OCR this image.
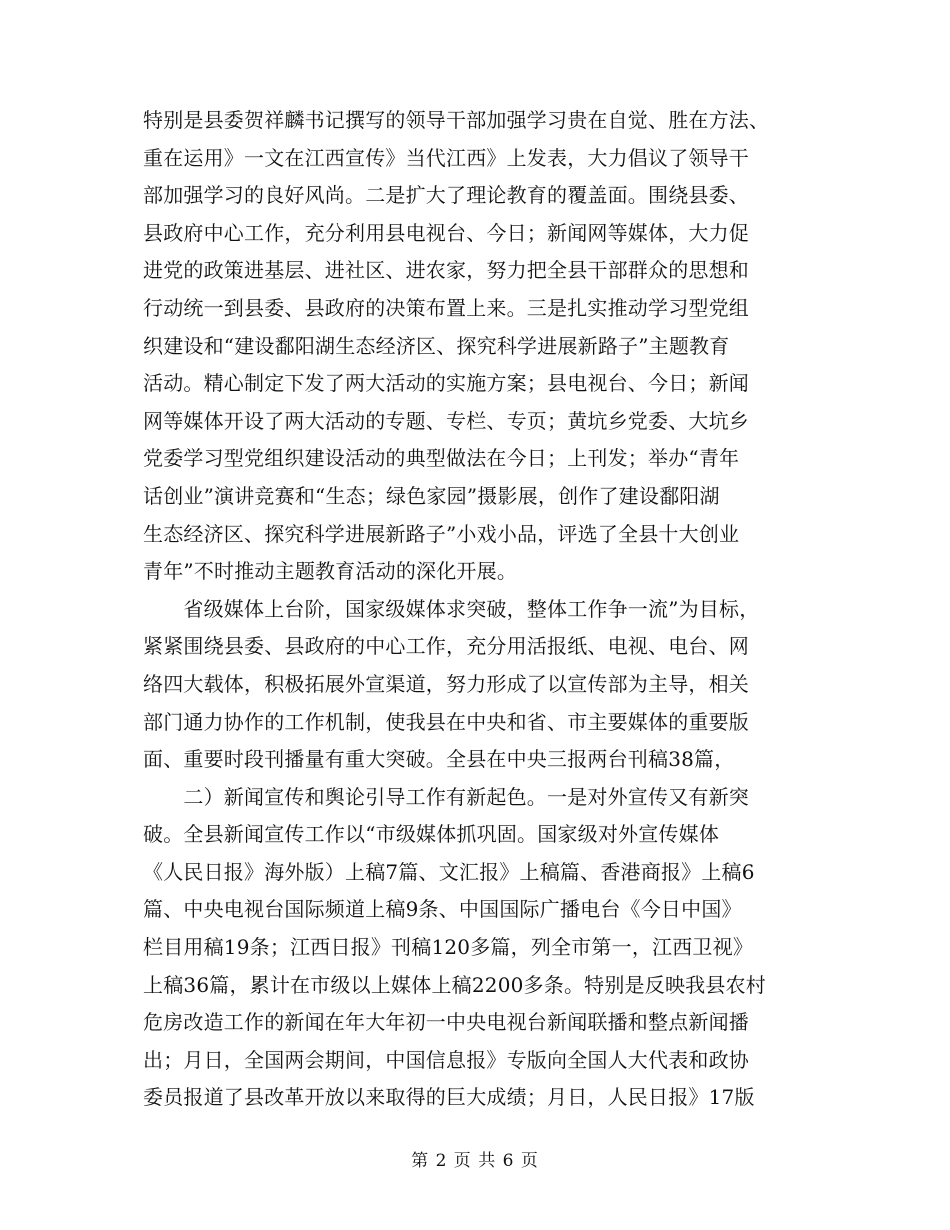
特别是县委贺祥麟书记撰写的领导干部加强学习贵在自觉、胜在方法、
重在运用》一文在江西宣传》当代江西》上发表，大力倡议了领导干
部加强学习的良好风尚。二是扩大了理论教育的覆盖面。围绕县委、
县政府中心工作，充分利用县电视台、今日；新闻网等媒体，大力促
进党的政策进基层、进社区、进农家，努力把全县干部群众的思想和
行动统一到县委、县政府的决策布置上来。三是扎实推动学习型党组
织建设和“建设鄱阳湖生态经济区、探究科学进展新路子”主题教育
活动。精心制定下发了两大活动的实施方案；县电视台、今日；新闻
网等媒体开设了两大活动的专题、专栏、专页；黄坑乡党委、大坑乡
党委学习型党组织建设活动的典型做法在今日；上刊发；举办“青年
话创业”演讲竞赛和“生态；绿色家园”摄影展，创作了建设鄱阳湖
生态经济区、探究科学进展新路子”小戏小品，评选了全县十大创业
青年”不时推动主题教育活动的深化开展。
　　省级媒体上台阶，国家级媒体求突破，整体工作争一流”为目标，
紧紧围绕县委、县政府的中心工作，充分用活报纸、电视、电台、网
络四大载体，积极拓展外宣渠道，努力形成了以宣传部为主导，相关
部门通力协作的工作机制，使我县在中央和省、市主要媒体的重要版
面、重要时段刊播量有重大突破。全县在中央三报两台刊稿38篇，
　　二）新闻宣传和舆论引导工作有新起色。一是对外宣传又有新突
破。全县新闻宣传工作以“市级媒体抓巩固。国家级对外宣传媒体
《人民日报》海外版）上稿7篇、文汇报》上稿篇、香港商报》上稿6
篇、中央电视台国际频道上稿9条、中国国际广播电台《今日中国》
栏目用稿19条；江西日报》刊稿120多篇，列全市第一，江西卫视》
上稿36篇，累计在市级以上媒体上稿2200多条。特别是反映我县农村
危房改造工作的新闻在年大年初一中央电视台新闻联播和整点新闻播
出；月日，全国两会期间，中国信息报》专版向全国人大代表和政协
委员报道了县改革开放以来取得的巨大成绩；月日，人民日报》17版
第 2 页 共 6 页
